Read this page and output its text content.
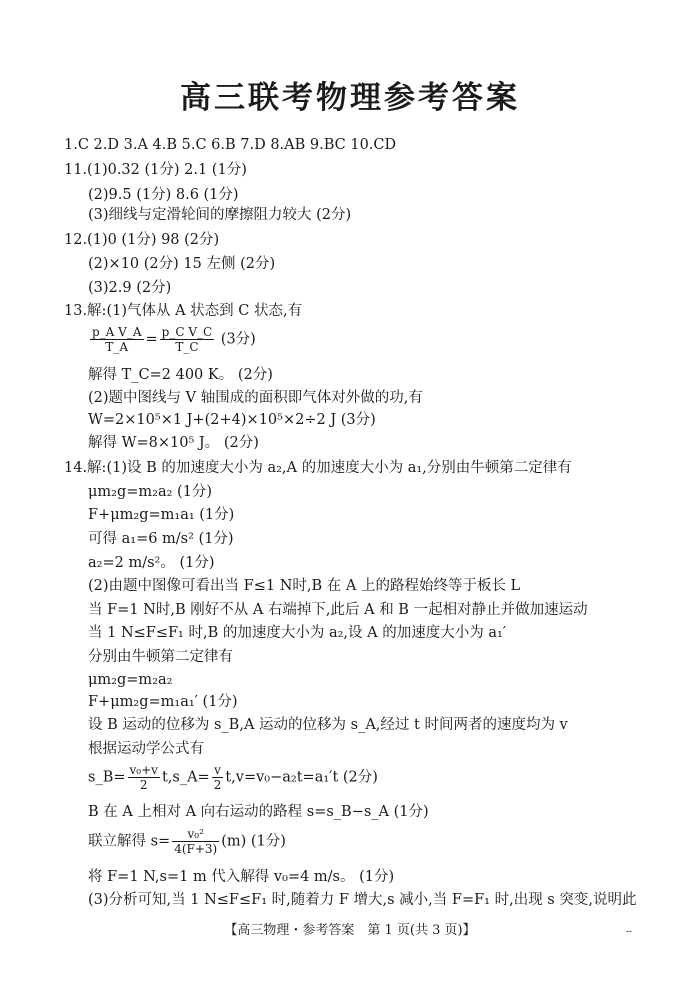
高三联考物理参考答案
1.C 2.D 3.A 4.B 5.C 6.B 7.D 8.AB 9.BC 10.CD
11.(1)0.32 (1分) 2.1 (1分)
(2)9.5 (1分) 8.6 (1分)
(3)细线与定滑轮间的摩擦阻力较大 (2分)
12.(1)0 (1分) 98 (2分)
(2)×10 (2分) 15 左侧 (2分)
(3)2.9 (2分)
13.解:(1)气体从 A 状态到 C 状态,有
$\frac{\text{p\_A V\_A}}{T\_A} = \frac{\text{p\_C V\_C}}{T\_C} (3$分)
解得 T_C=2 400 K。 (2分)
(2)题中图线与 V 轴围成的面积即气体对外做的功,有
W=2×10⁵×1 J+(2+4)×10⁵×2÷2 J (3分)
解得 W=8×10⁵ J。 (2分)
14.解:(1)设 B 的加速度大小为 a₂,A 的加速度大小为 a₁,分别由牛顿第二定律有
μm₂g=m₂a₂ (1分)
F+μm₂g=m₁a₁ (1分)
可得 a₁=6 m/s² (1分)
a₂=2 m/s²。 (1分)
(2)由题中图像可看出当 F≤1 N时,B 在 A 上的路程始终等于板长 L
当 F=1 N时,B 刚好不从 A 右端掉下,此后 A 和 B 一起相对静止并做加速运动
当 1 N≤F≤F₁ 时,B 的加速度大小为 a₂,设 A 的加速度大小为 a₁′
分别由牛顿第二定律有
μm₂g=m₂a₂
F+μm₂g=m₁a₁′ (1分)
设 B 运动的位移为 s_B,A 运动的位移为 s_A,经过 t 时间两者的速度均为 v
根据运动学公式有
s_B= $\frac{\text{v₀+v}}{2}$ t,s_A= $\frac{v}{2} t,v=v_0-a_2t=a_1't$ (2分)
B 在 A 上相对 A 向右运动的路程 s=s_B−s_A (1分)
联立解得 $s= \frac{\text{v₀²}}{4(F+3)} (m)$ (1分)
将 F=1 N,s=1 m 代入解得 v₀=4 m/s。 (1分)
(3)分析可知,当 1 N≤F≤F₁ 时,随着力 F 增大,s 减小,当 F=F₁ 时,出现 s 突变,说明此
【高三物理・参考答案　第 1 页(共 3 页)】	--
